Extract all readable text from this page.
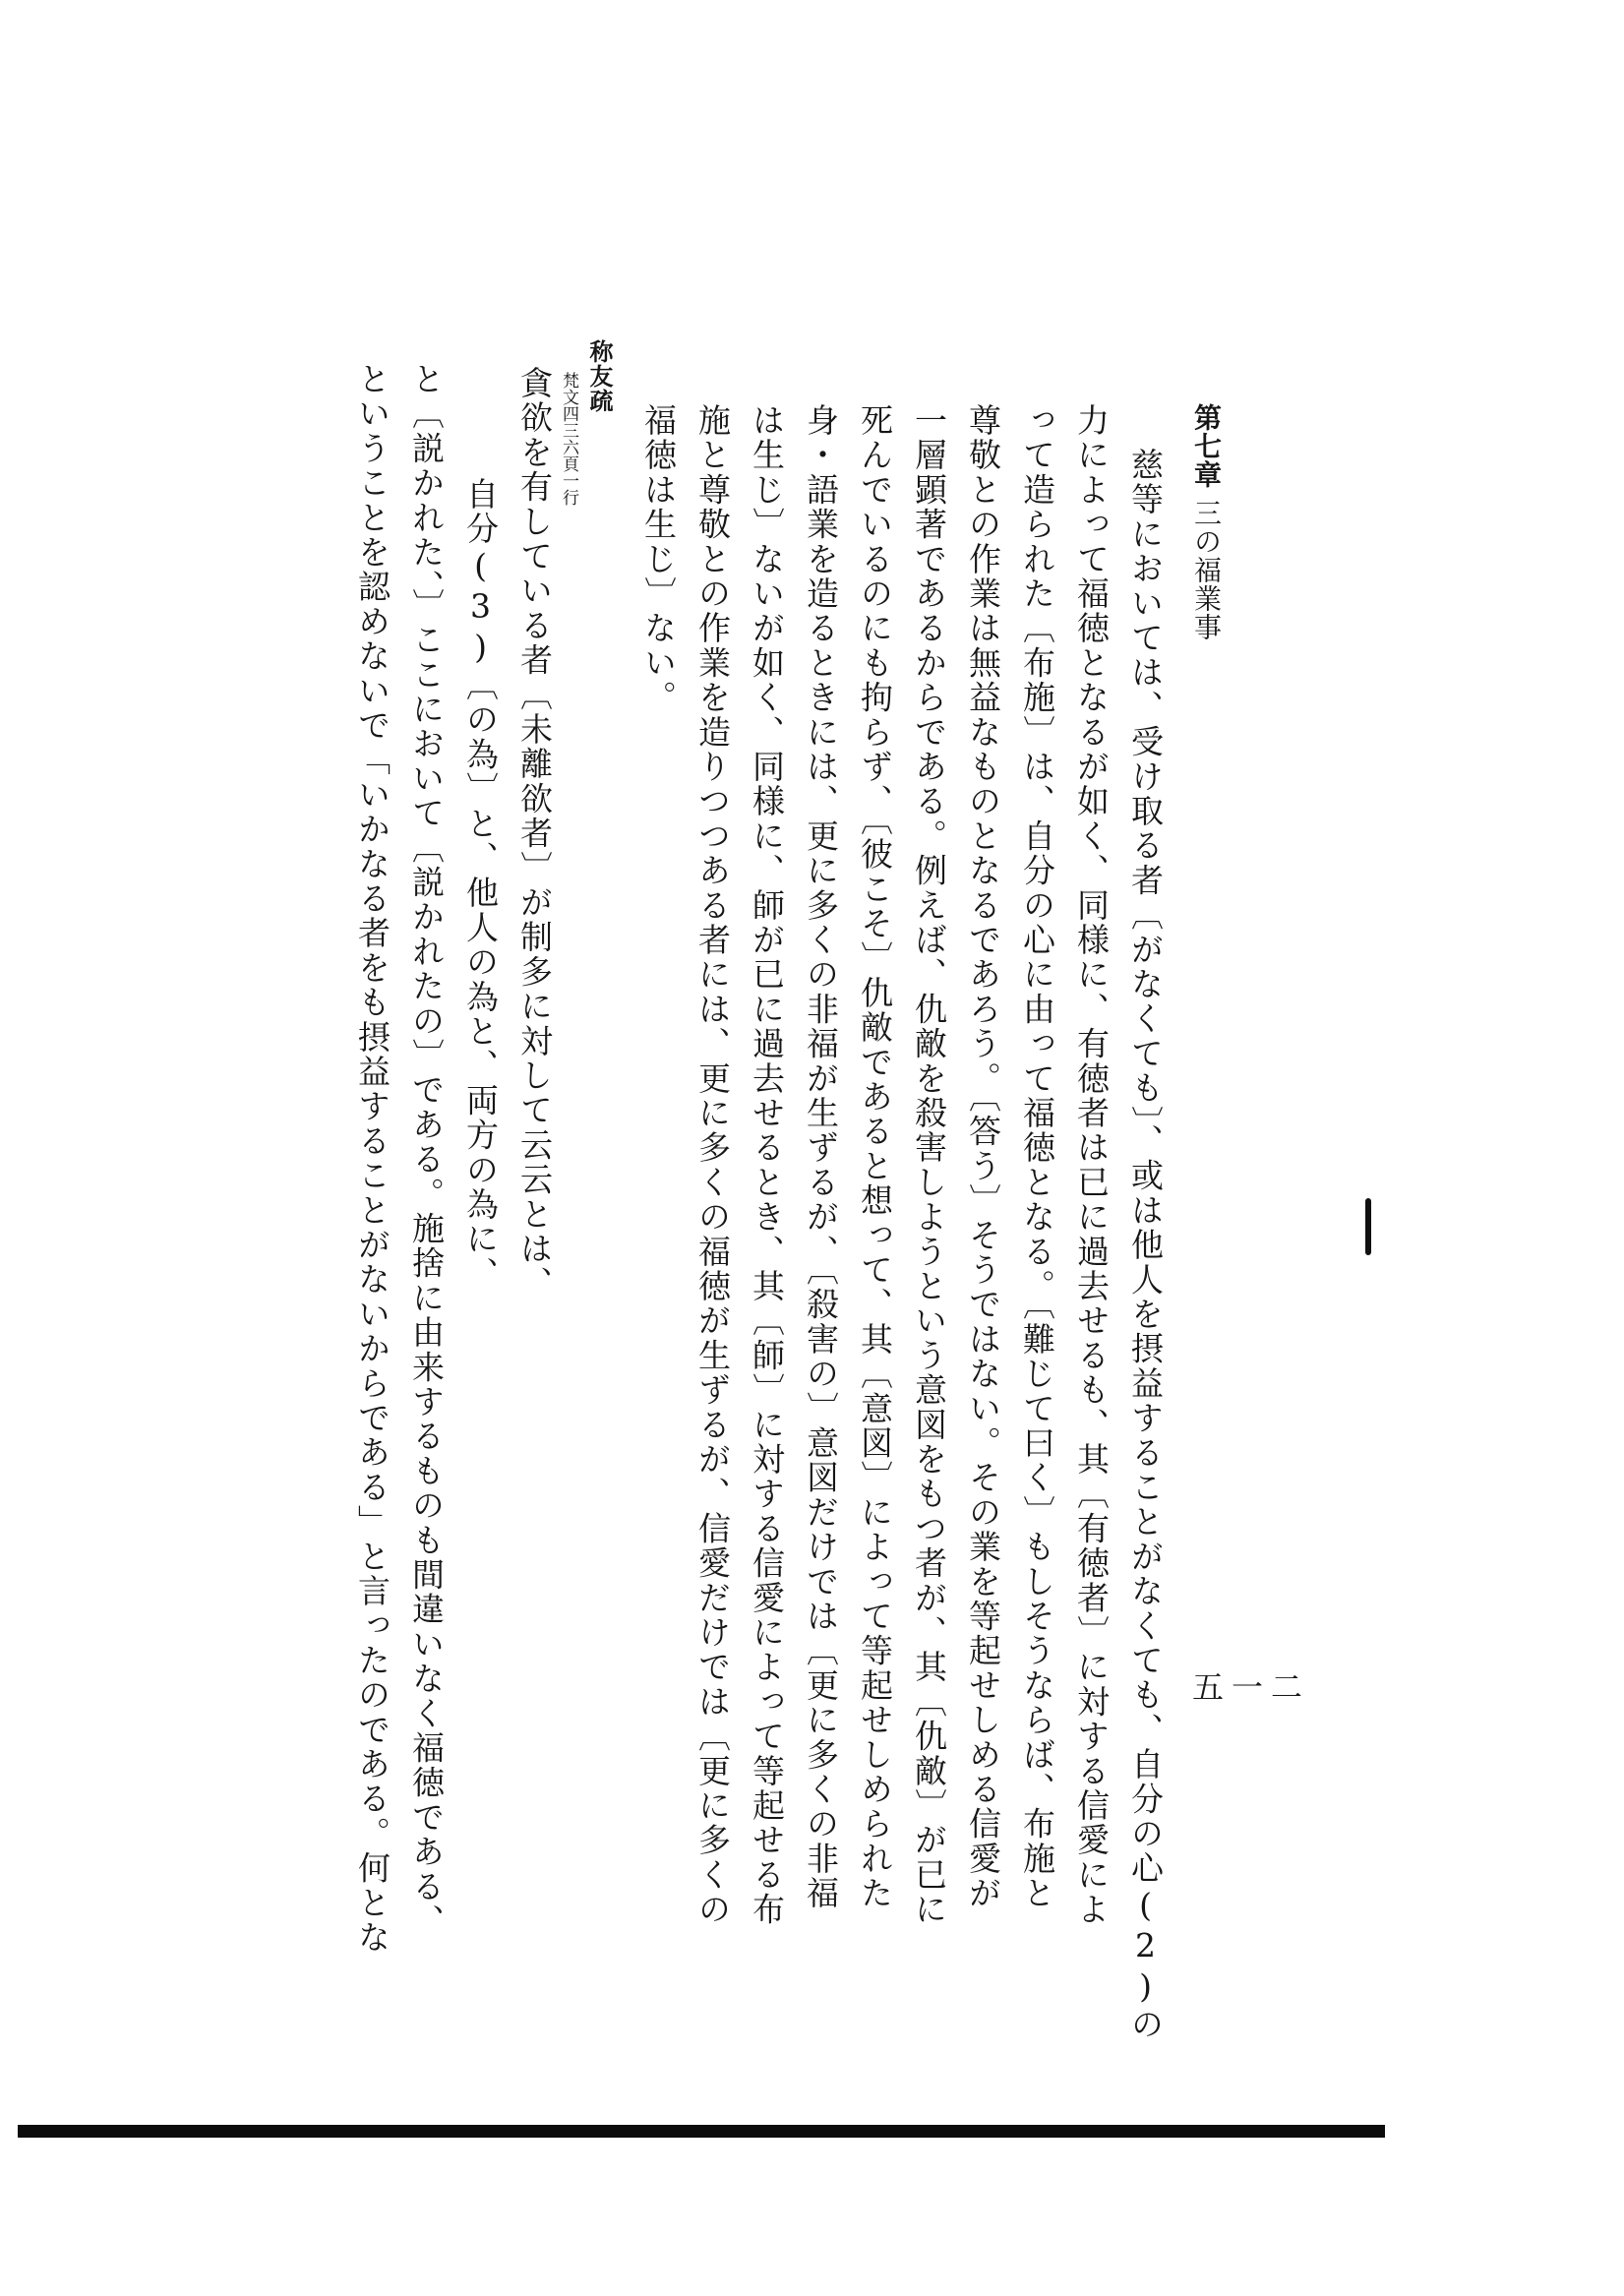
第七章三の福業事
五一二
慈等においては、受け取る者〔がなくても〕、或は他人を摂益することがなくても、自分の心(2)の
力によって福徳となるが如く、同様に、有徳者は已に過去せるも、其〔有徳者〕に対する信愛によ
って造られた〔布施〕は、自分の心に由って福徳となる。〔難じて曰く〕もしそうならば、布施と
尊敬との作業は無益なものとなるであろう。〔答う〕そうではない。その業を等起せしめる信愛が
一層顕著であるからである。例えば、仇敵を殺害しようという意図をもつ者が、其〔仇敵〕が已に
死んでいるのにも拘らず、〔彼こそ〕仇敵であると想って、其〔意図〕によって等起せしめられた
身・語業を造るときには、更に多くの非福が生ずるが、〔殺害の〕意図だけでは〔更に多くの非福
は生じ〕ないが如く、同様に、師が已に過去せるとき、其〔師〕に対する信愛によって等起せる布
施と尊敬との作業を造りつつある者には、更に多くの福徳が生ずるが、信愛だけでは〔更に多くの
福徳は生じ〕ない。
称友疏
梵文四三六頁一行
貪欲を有している者〔未離欲者〕が制多に対して云云とは、
自分(3)〔の為〕と、他人の為と、両方の為に、
と〔説かれた、〕ここにおいて〔説かれたの〕である。施捨に由来するものも間違いなく福徳である、
ということを認めないで「いかなる者をも摂益することがないからである」と言ったのである。何とな
